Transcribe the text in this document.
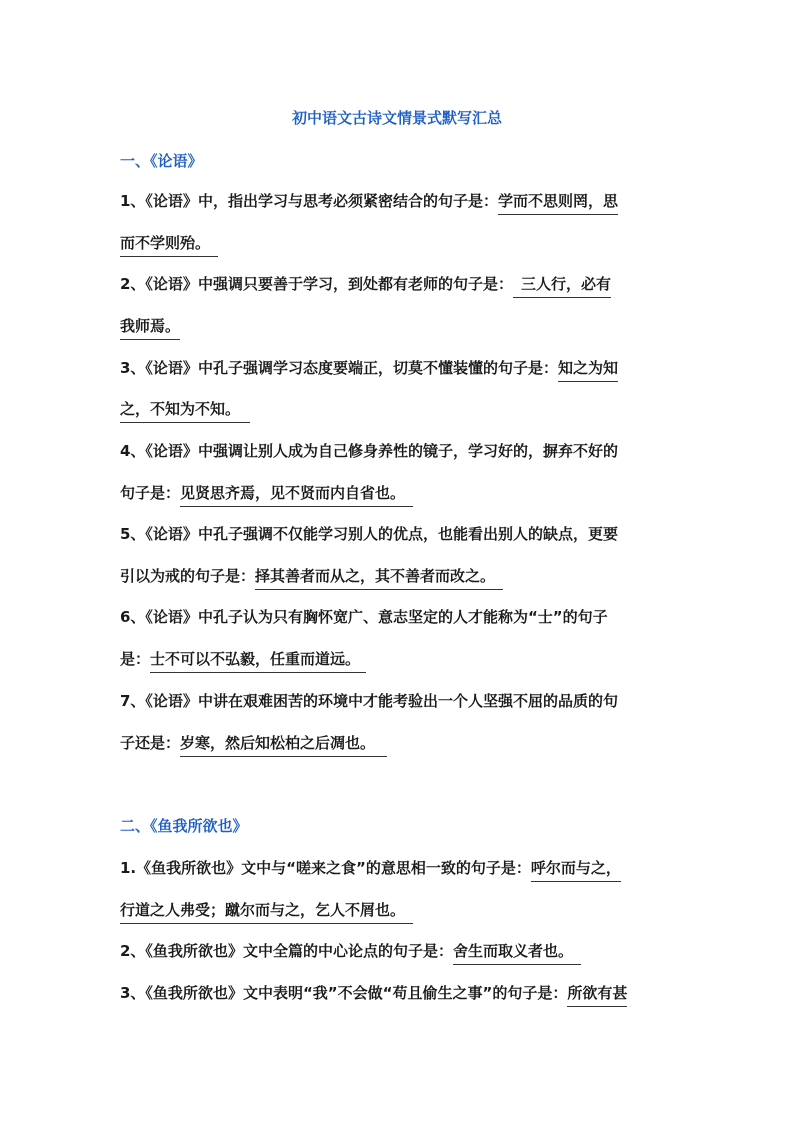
初中语文古诗文情景式默写汇总
一、《论语》
1、《论语》中，指出学习与思考必须紧密结合的句子是：学而不思则罔，思
而不学则殆。
2、《论语》中强调只要善于学习，到处都有老师的句子是： 三人行，必有
我师焉。
3、《论语》中孔子强调学习态度要端正，切莫不懂装懂的句子是：知之为知
之，不知为不知。
4、《论语》中强调让别人成为自己修身养性的镜子，学习好的，摒弃不好的
句子是：见贤思齐焉，见不贤而内自省也。
5、《论语》中孔子强调不仅能学习别人的优点，也能看出别人的缺点，更要
引以为戒的句子是：择其善者而从之，其不善者而改之。
6、《论语》中孔子认为只有胸怀宽广、意志坚定的人才能称为“士”的句子
是：士不可以不弘毅，任重而道远。
7、《论语》中讲在艰难困苦的环境中才能考验出一个人坚强不屈的品质的句
子还是：岁寒，然后知松柏之后凋也。
二、《鱼我所欲也》
1.《鱼我所欲也》文中与“嗟来之食”的意思相一致的句子是：呼尔而与之，
行道之人弗受；蹴尔而与之，乞人不屑也。
2、《鱼我所欲也》文中全篇的中心论点的句子是：舍生而取义者也。
3、《鱼我所欲也》文中表明“我”不会做“苟且偷生之事”的句子是：所欲有甚
